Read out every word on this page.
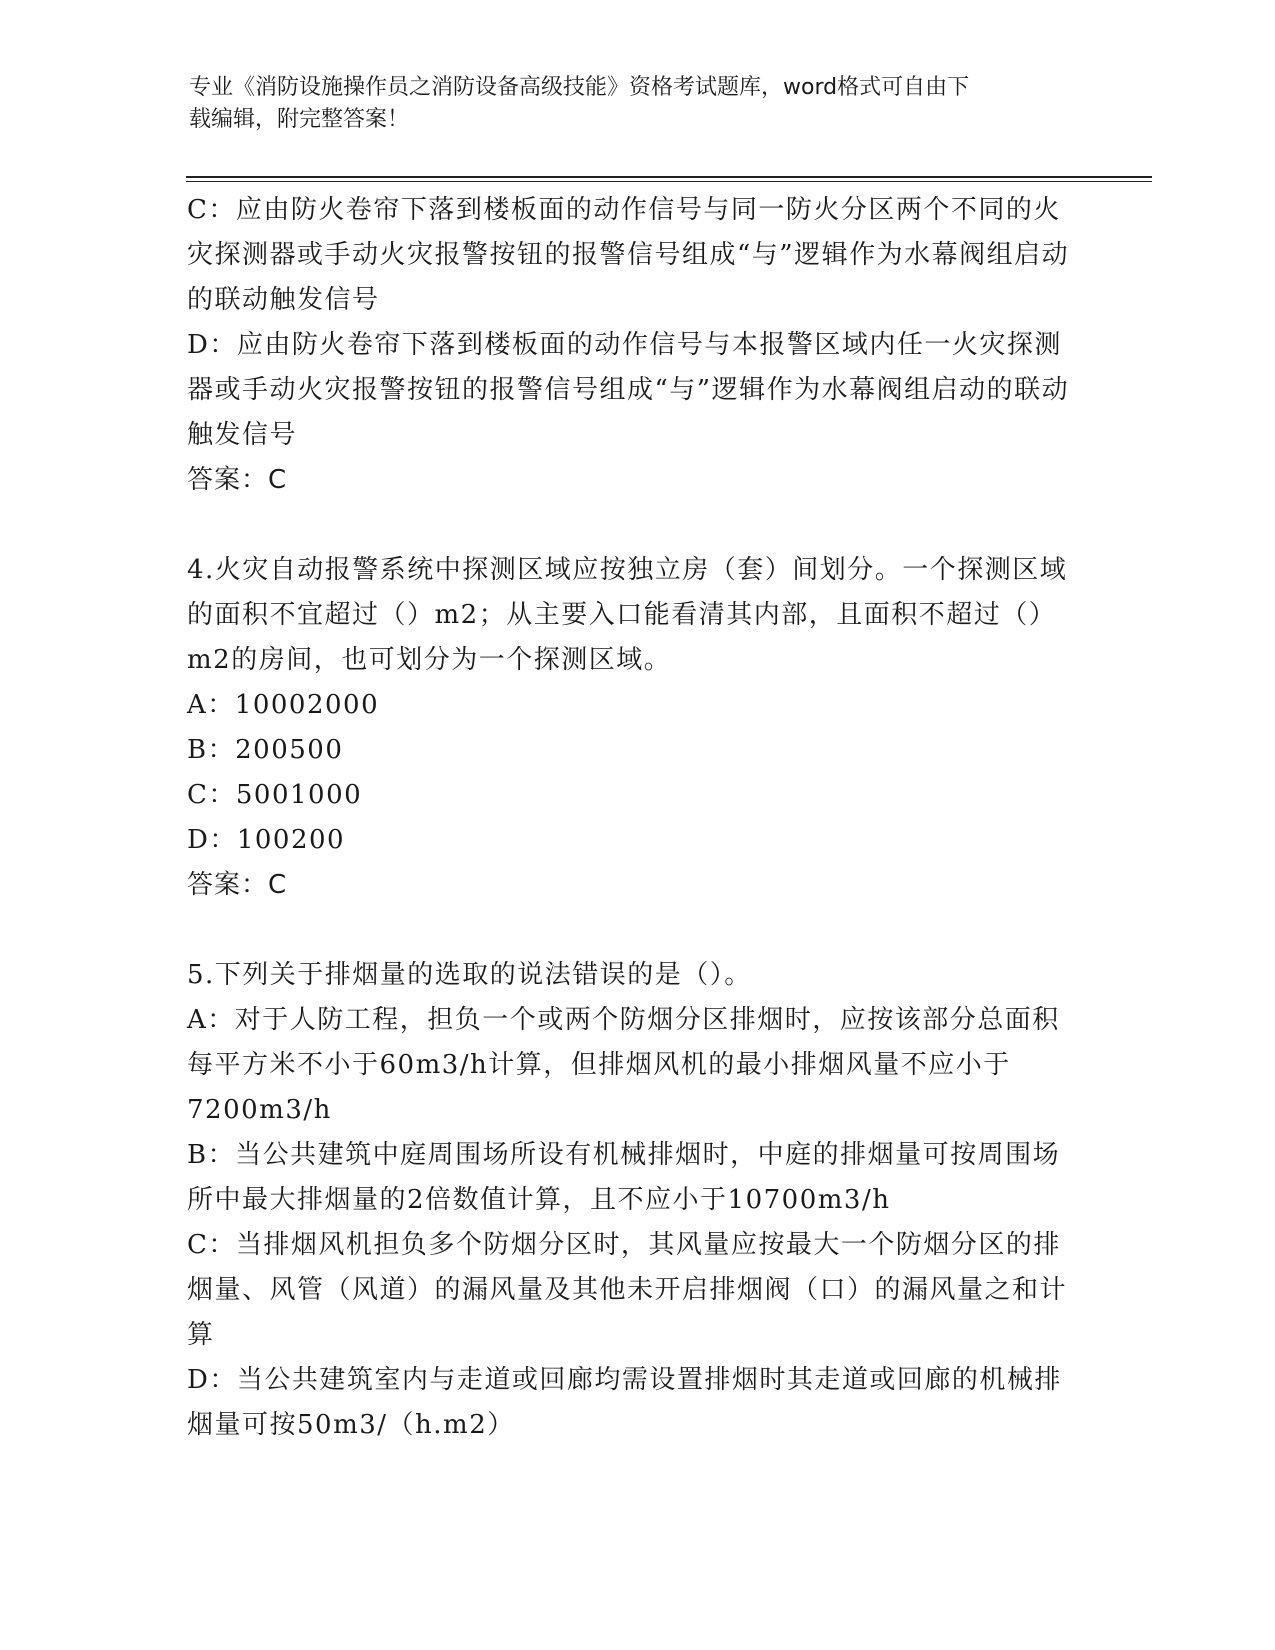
专业《消防设施操作员之消防设备高级技能》资格考试题库，word格式可自由下
载编辑，附完整答案！

C：应由防火卷帘下落到楼板面的动作信号与同一防火分区两个不同的火灾探测器或手动火灾报警按钮的报警信号组成“与”逻辑作为水幕阀组启动的联动触发信号

D：应由防火卷帘下落到楼板面的动作信号与本报警区域内任一火灾探测器或手动火灾报警按钮的报警信号组成“与”逻辑作为水幕阀组启动的联动触发信号

答案：C

4.火灾自动报警系统中探测区域应按独立房（套）间划分。一个探测区域的面积不宜超过（）m2；从主要入口能看清其内部，且面积不超过（）m2的房间，也可划分为一个探测区域。

A：10002000

B：200500

C：5001000

D：100200

答案：C

5.下列关于排烟量的选取的说法错误的是（）。

A：对于人防工程，担负一个或两个防烟分区排烟时，应按该部分总面积每平方米不小于60m3/h计算，但排烟风机的最小排烟风量不应小于7200m3/h

B：当公共建筑中庭周围场所设有机械排烟时，中庭的排烟量可按周围场所中最大排烟量的2倍数值计算，且不应小于10700m3/h

C：当排烟风机担负多个防烟分区时，其风量应按最大一个防烟分区的排烟量、风管（风道）的漏风量及其他未开启排烟阀（口）的漏风量之和计算

D：当公共建筑室内与走道或回廊均需设置排烟时其走道或回廊的机械排烟量可按50m3/（h.m2）
